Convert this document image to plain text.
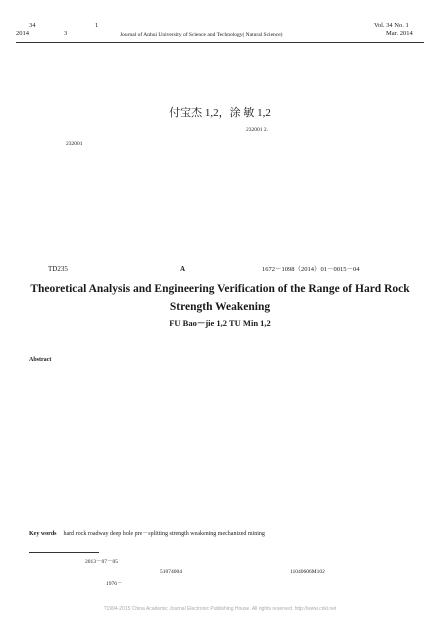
34	1
2014	3	Journal of Anhui University of Science and Technology( Natural Science)
Vol. 34 No. 1
Mar. 2014
付宝杰 1,2，涂 敏 1,2
232001 2.
232001
TD235	A	1672－1098（2014）01－0015－04
Theoretical Analysis and Engineering Verification of the Range of Hard Rock Strength Weakening
FU Bao－jie 1,2 TU Min 1,2
Abstract
Key words hard rock roadway deep hole pre－splitting strength weakening mechanized mining
2013－07－05
51074004	11040606M102
1976－
?1994-2015 China Academic Journal Electronic Publishing House. All rights reserved. http://www.cnki.net
